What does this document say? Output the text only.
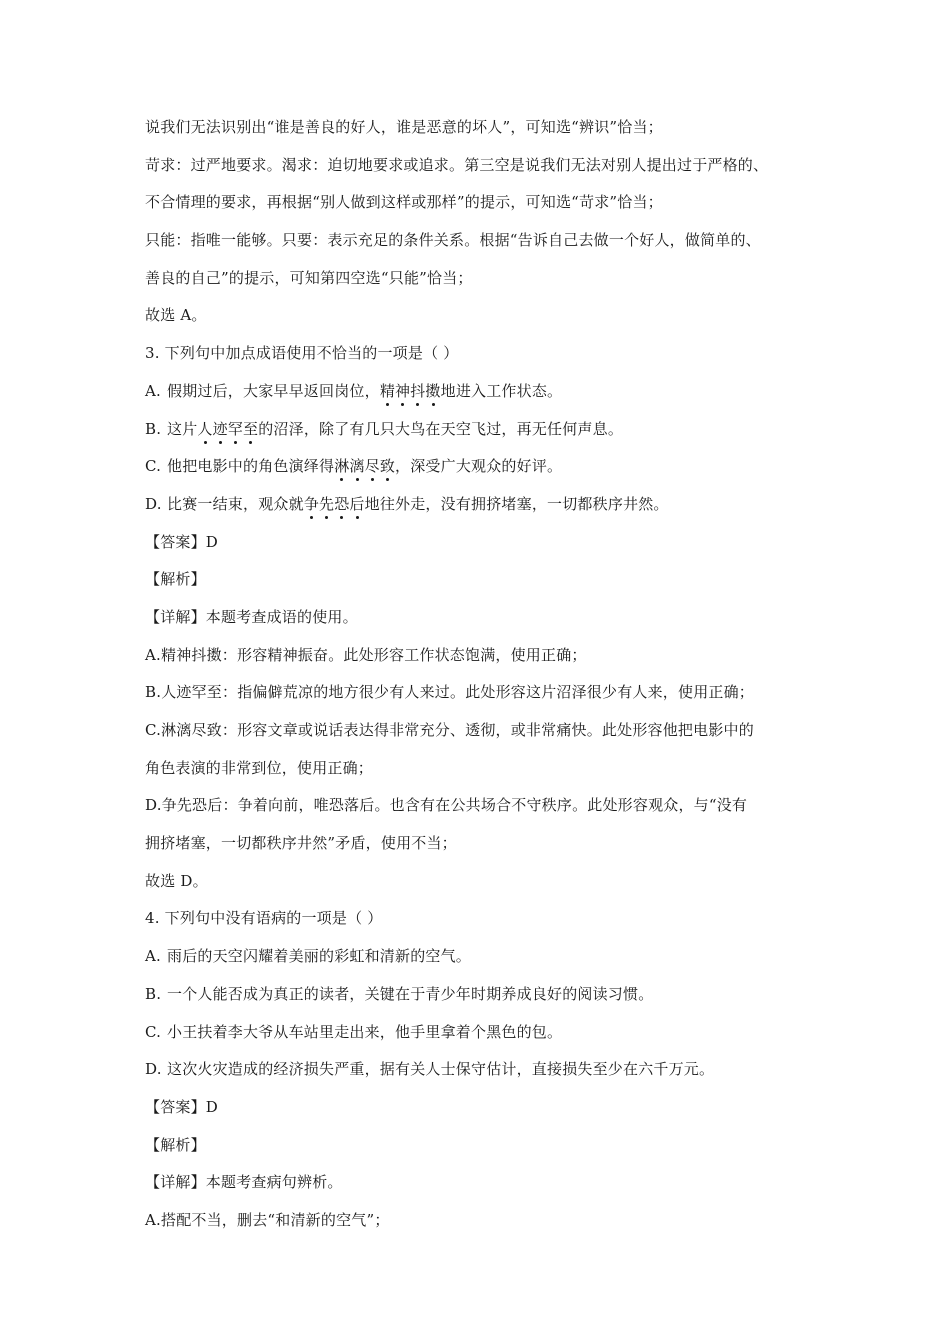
说我们无法识别出“谁是善良的好人，谁是恶意的坏人”，可知选“辨识”恰当；
苛求：过严地要求。渴求：迫切地要求或追求。第三空是说我们无法对别人提出过于严格的、
不合情理的要求，再根据“别人做到这样或那样”的提示，可知选“苛求”恰当；
只能：指唯一能够。只要：表示充足的条件关系。根据“告诉自己去做一个好人，做简单的、
善良的自己”的提示，可知第四空选“只能”恰当；
故选 A。
3. 下列句中加点成语使用不恰当的一项是（ ）
A. 假期过后，大家早早返回岗位，精神抖擞地进入工作状态。
B. 这片人迹罕至的沼泽，除了有几只大鸟在天空飞过，再无任何声息。
C. 他把电影中的角色演绎得淋漓尽致，深受广大观众的好评。
D. 比赛一结束，观众就争先恐后地往外走，没有拥挤堵塞，一切都秩序井然。
【答案】D
【解析】
【详解】本题考查成语的使用。
A.精神抖擞：形容精神振奋。此处形容工作状态饱满，使用正确；
B.人迹罕至：指偏僻荒凉的地方很少有人来过。此处形容这片沼泽很少有人来，使用正确；
C.淋漓尽致：形容文章或说话表达得非常充分、透彻，或非常痛快。此处形容他把电影中的
角色表演的非常到位，使用正确；
D.争先恐后：争着向前，唯恐落后。也含有在公共场合不守秩序。此处形容观众，与“没有
拥挤堵塞，一切都秩序井然”矛盾，使用不当；
故选 D。
4. 下列句中没有语病的一项是（ ）
A. 雨后的天空闪耀着美丽的彩虹和清新的空气。
B. 一个人能否成为真正的读者，关键在于青少年时期养成良好的阅读习惯。
C. 小王扶着李大爷从车站里走出来，他手里拿着个黑色的包。
D. 这次火灾造成的经济损失严重，据有关人士保守估计，直接损失至少在六千万元。
【答案】D
【解析】
【详解】本题考查病句辨析。
A.搭配不当，删去“和清新的空气”；
